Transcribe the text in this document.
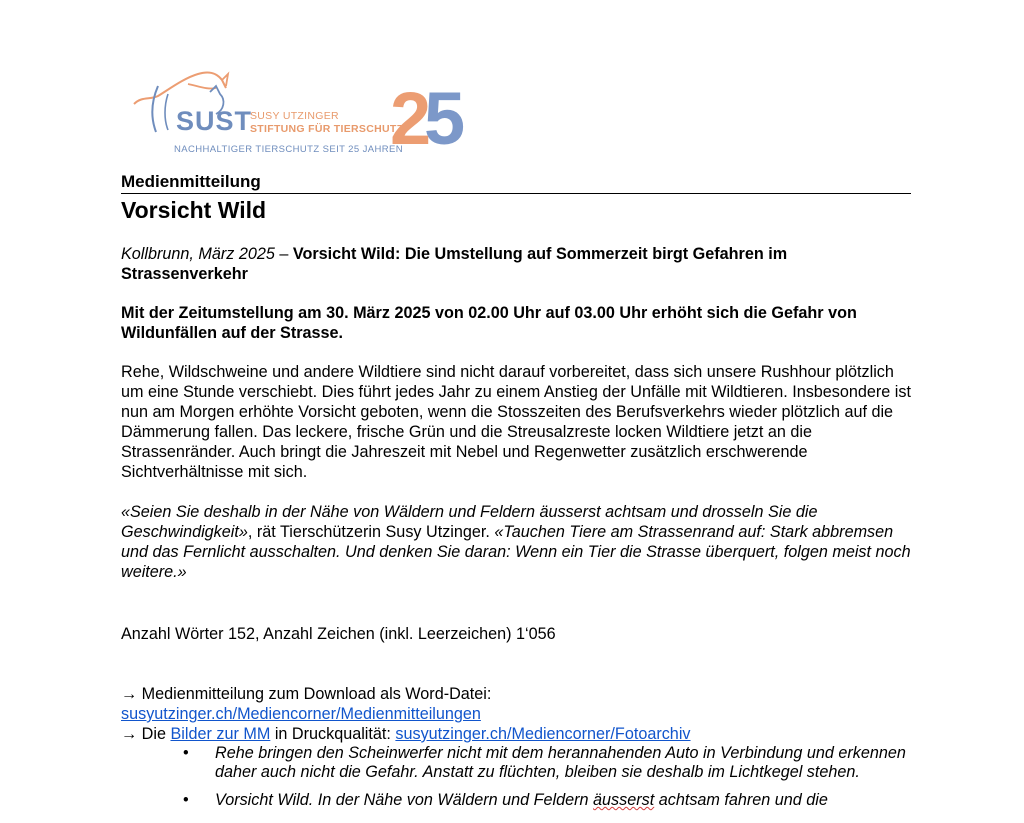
SUST
SUSY UTZINGER
STIFTUNG FÜR TIERSCHUTZ
NACHHALTIGER TIERSCHUTZ SEIT 25 JAHREN
2
5
Medienmitteilung
Vorsicht Wild
Kollbrunn, März 2025 – Vorsicht Wild: Die Umstellung auf Sommerzeit birgt Gefahren im Strassenverkehr
Mit der Zeitumstellung am 30. März 2025 von 02.00 Uhr auf 03.00 Uhr erhöht sich die Gefahr von Wildunfällen auf der Strasse.
Rehe, Wildschweine und andere Wildtiere sind nicht darauf vorbereitet, dass sich unsere Rushhour plötzlich um eine Stunde verschiebt. Dies führt jedes Jahr zu einem Anstieg der Unfälle mit Wildtieren. Insbesondere ist nun am Morgen erhöhte Vorsicht geboten, wenn die Stosszeiten des Berufsverkehrs wieder plötzlich auf die Dämmerung fallen. Das leckere, frische Grün und die Streusalzreste locken Wildtiere jetzt an die Strassenränder. Auch bringt die Jahreszeit mit Nebel und Regenwetter zusätzlich erschwerende Sichtverhältnisse mit sich.
«Seien Sie deshalb in der Nähe von Wäldern und Feldern äusserst achtsam und drosseln Sie die Geschwindigkeit», rät Tierschützerin Susy Utzinger. «Tauchen Tiere am Strassenrand auf: Stark abbremsen und das Fernlicht ausschalten. Und denken Sie daran: Wenn ein Tier die Strasse überquert, folgen meist noch weitere.»
Anzahl Wörter 152, Anzahl Zeichen (inkl. Leerzeichen) 1‘056
→ Medienmitteilung zum Download als Word-Datei:
susyutzinger.ch/Mediencorner/Medienmitteilungen
→ Die Bilder zur MM in Druckqualität: susyutzinger.ch/Mediencorner/Fotoarchiv
• Rehe bringen den Scheinwerfer nicht mit dem herannahenden Auto in Verbindung und erkennen daher auch nicht die Gefahr. Anstatt zu flüchten, bleiben sie deshalb im Lichtkegel stehen.
• Vorsicht Wild. In der Nähe von Wäldern und Feldern äusserst achtsam fahren und die
